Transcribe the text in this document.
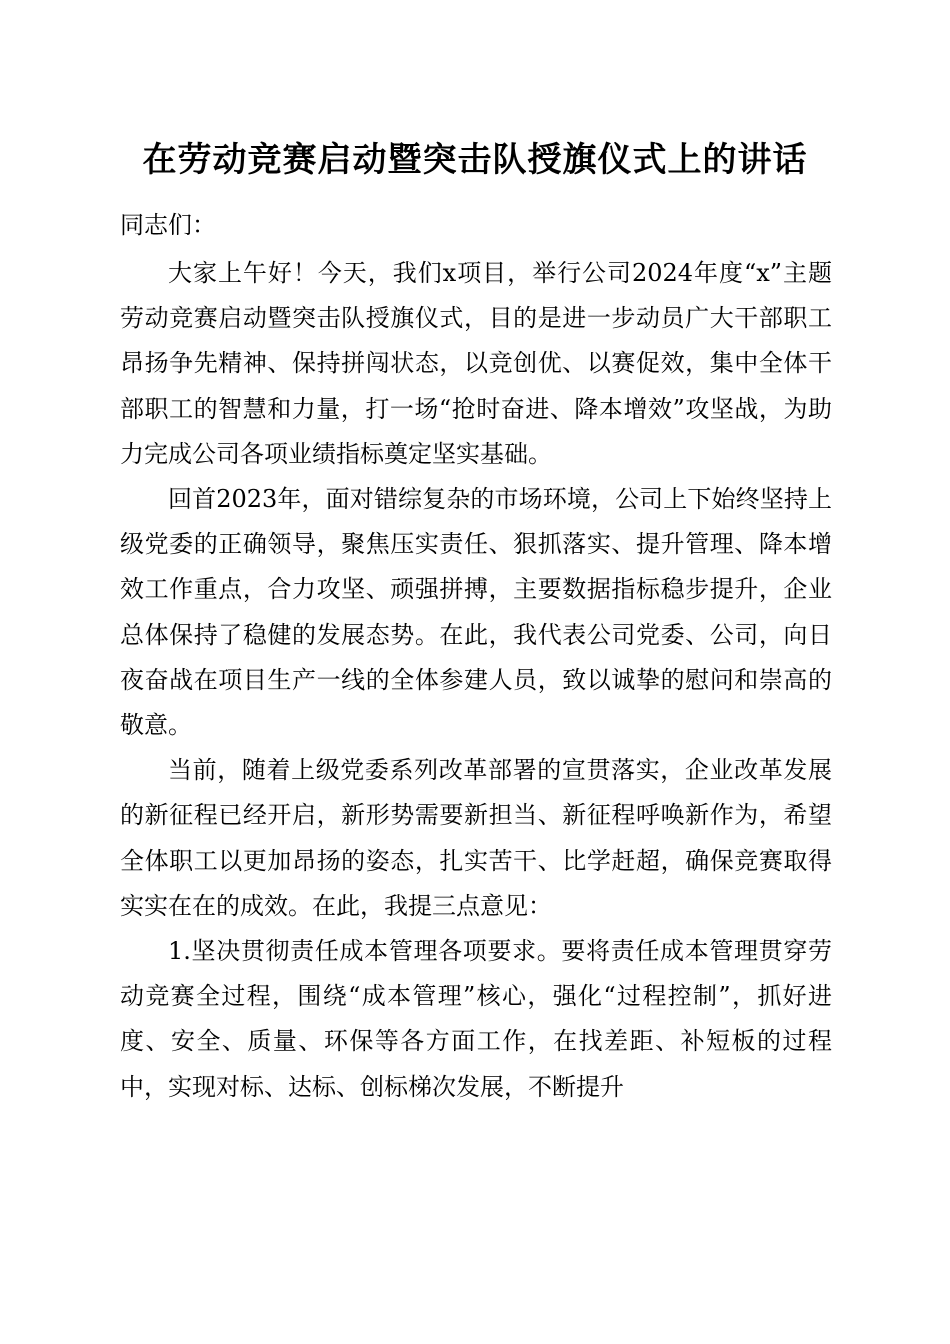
在劳动竞赛启动暨突击队授旗仪式上的讲话

同志们：

大家上午好！今天，我们x项目，举行公司2024年度“x”主题劳动竞赛启动暨突击队授旗仪式，目的是进一步动员广大干部职工昂扬争先精神、保持拼闯状态，以竞创优、以赛促效，集中全体干部职工的智慧和力量，打一场“抢时奋进、降本增效”攻坚战，为助力完成公司各项业绩指标奠定坚实基础。

回首2023年，面对错综复杂的市场环境，公司上下始终坚持上级党委的正确领导，聚焦压实责任、狠抓落实、提升管理、降本增效工作重点，合力攻坚、顽强拼搏，主要数据指标稳步提升，企业总体保持了稳健的发展态势。在此，我代表公司党委、公司，向日夜奋战在项目生产一线的全体参建人员，致以诚挚的慰问和崇高的敬意。

当前，随着上级党委系列改革部署的宣贯落实，企业改革发展的新征程已经开启，新形势需要新担当、新征程呼唤新作为，希望全体职工以更加昂扬的姿态，扎实苦干、比学赶超，确保竞赛取得实实在在的成效。在此，我提三点意见：

1.坚决贯彻责任成本管理各项要求。要将责任成本管理贯穿劳动竞赛全过程，围绕“成本管理”核心，强化“过程控制”，抓好进度、安全、质量、环保等各方面工作，在找差距、补短板的过程中，实现对标、达标、创标梯次发展，不断提升
